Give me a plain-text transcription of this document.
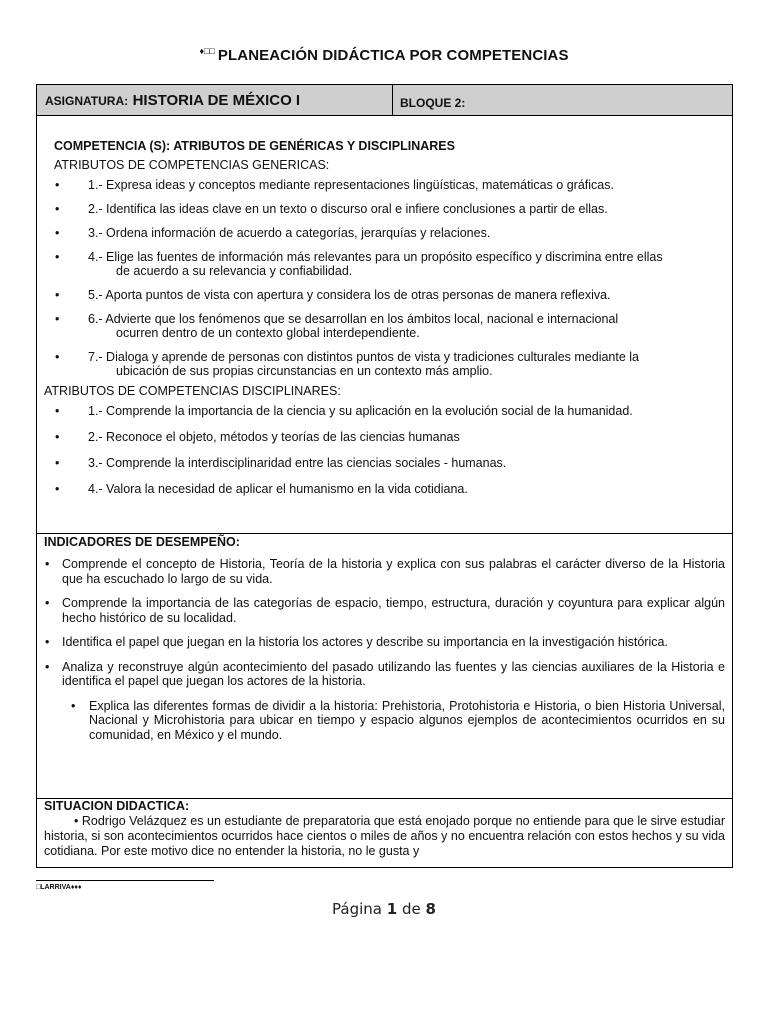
♦□□ PLANEACIÓN DIDÁCTICA POR COMPETENCIAS
ASIGNATURA: HISTORIA DE MÉXICO I	BLOQUE 2:
COMPETENCIA (S): ATRIBUTOS DE GENÉRICAS Y DISCIPLINARES
ATRIBUTOS DE COMPETENCIAS GENERICAS:
• 1.- Expresa ideas y conceptos mediante representaciones lingüísticas, matemáticas o gráficas.
• 2.- Identifica las ideas clave en un texto o discurso oral e infiere conclusiones a partir de ellas.
• 3.- Ordena información de acuerdo a categorías, jerarquías y relaciones.
• 4.- Elige las fuentes de información más relevantes para un propósito específico y discrimina entre ellas
de acuerdo a su relevancia y confiabilidad.
• 5.- Aporta puntos de vista con apertura y considera los de otras personas de manera reflexiva.
• 6.- Advierte que los fenómenos que se desarrollan en los ámbitos local, nacional e internacional
ocurren dentro de un contexto global interdependiente.
• 7.- Dialoga y aprende de personas con distintos puntos de vista y tradiciones culturales mediante la
ubicación de sus propias circunstancias en un contexto más amplio.
ATRIBUTOS DE COMPETENCIAS DISCIPLINARES:
• 1.- Comprende la importancia de la ciencia y su aplicación en la evolución social de la humanidad.
• 2.- Reconoce el objeto, métodos y teorías de las ciencias humanas
• 3.- Comprende la interdisciplinaridad entre las ciencias sociales - humanas.
• 4.- Valora la necesidad de aplicar el humanismo en la vida cotidiana.
INDICADORES DE DESEMPEÑO:
• Comprende el concepto de Historia, Teoría de la historia y explica con sus palabras el carácter diverso de la Historia que ha escuchado lo largo de su vida.
• Comprende la importancia de las categorías de espacio, tiempo, estructura, duración y coyuntura para explicar algún hecho histórico de su localidad.
• Identifica el papel que juegan en la historia los actores y describe su importancia en la investigación histórica.
• Analiza y reconstruye algún acontecimiento del pasado utilizando las fuentes y las ciencias auxiliares de la Historia e identifica el papel que juegan los actores de la historia.
• Explica las diferentes formas de dividir a la historia: Prehistoria, Protohistoria e Historia, o bien Historia Universal, Nacional y Microhistoria para ubicar en tiempo y espacio algunos ejemplos de acontecimientos ocurridos en su comunidad, en México y el mundo.
SITUACION DIDACTICA:
• Rodrigo Velázquez es un estudiante de preparatoria que está enojado porque no entiende para que le sirve estudiar historia, si son acontecimientos ocurridos hace cientos o miles de años y no encuentra relación con estos hechos y su vida cotidiana. Por este motivo dice no entender la historia, no le gusta y
□LARRIVA♦♦♦
Página 1 de 8
